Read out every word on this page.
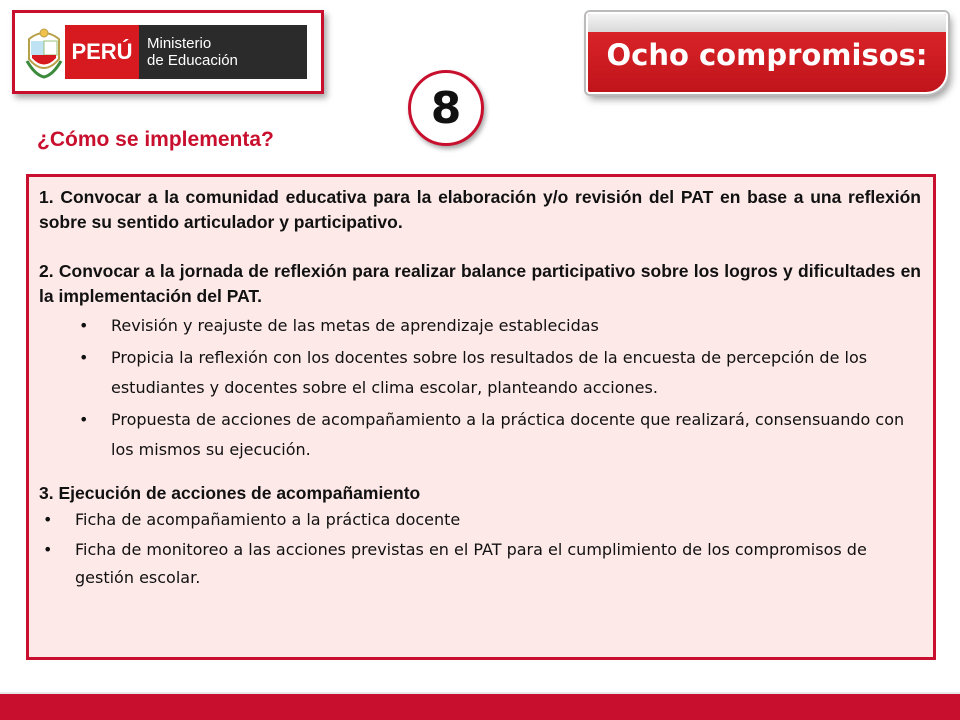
PERÚ Ministerio
de Educación	Ocho compromisos:
8
¿Cómo se implementa?

1. Convocar a la comunidad educativa para la elaboración y/o revisión del PAT en base a una reflexión sobre su sentido articulador y participativo.

2. Convocar a la jornada de reflexión para realizar balance participativo sobre los logros y dificultades en la implementación del PAT.

• Revisión y reajuste de las metas de aprendizaje establecidas
• Propicia la reflexión con los docentes sobre los resultados de la encuesta de percepción de los estudiantes y docentes sobre el clima escolar, planteando acciones.
• Propuesta de acciones de acompañamiento a la práctica docente que realizará, consensuando con los mismos su ejecución.

3. Ejecución de acciones de acompañamiento

• Ficha de acompañamiento a la práctica docente
• Ficha de monitoreo a las acciones previstas en el PAT para el cumplimiento de los compromisos de gestión escolar.
